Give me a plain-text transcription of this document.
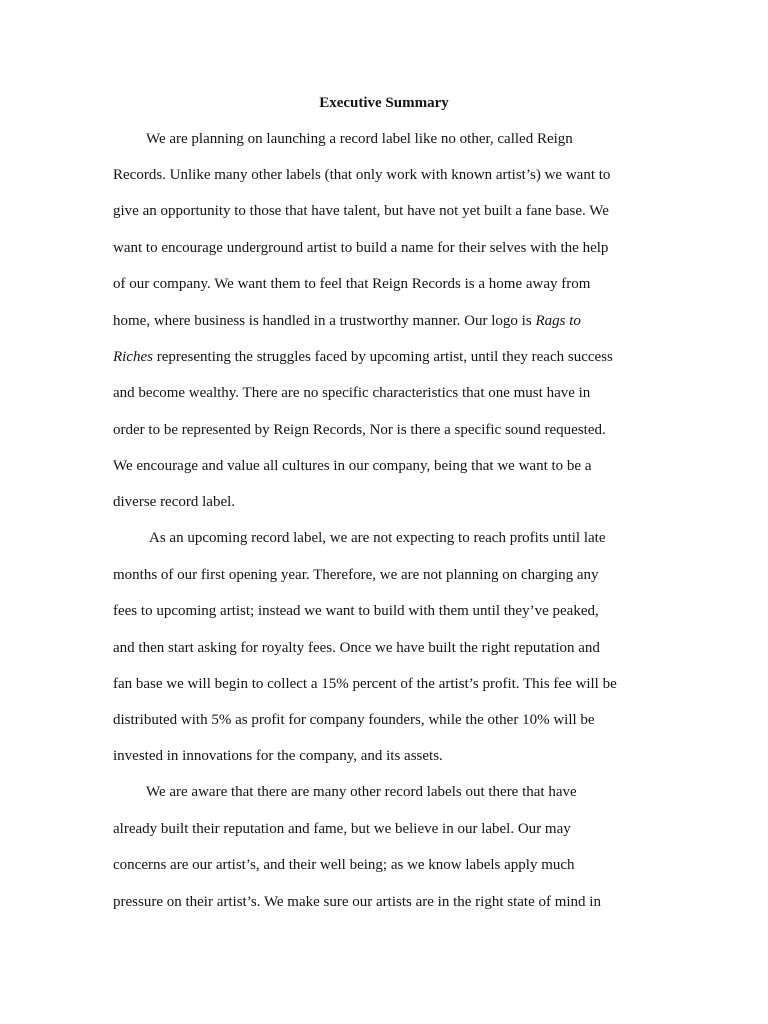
Executive Summary
We are planning on launching a record label like no other, called Reign
Records. Unlike many other labels (that only work with known artist’s) we want to
give an opportunity to those that have talent, but have not yet built a fane base. We
want to encourage underground artist to build a name for their selves with the help
of our company. We want them to feel that Reign Records is a home away from
home, where business is handled in a trustworthy manner. Our logo is Rags to
Riches representing the struggles faced by upcoming artist, until they reach success
and become wealthy. There are no specific characteristics that one must have in
order to be represented by Reign Records, Nor is there a specific sound requested.
We encourage and value all cultures in our company, being that we want to be a
diverse record label.
As an upcoming record label, we are not expecting to reach profits until late
months of our first opening year. Therefore, we are not planning on charging any
fees to upcoming artist; instead we want to build with them until they’ve peaked,
and then start asking for royalty fees. Once we have built the right reputation and
fan base we will begin to collect a 15% percent of the artist’s profit. This fee will be
distributed with 5% as profit for company founders, while the other 10% will be
invested in innovations for the company, and its assets.
We are aware that there are many other record labels out there that have
already built their reputation and fame, but we believe in our label. Our may
concerns are our artist’s, and their well being; as we know labels apply much
pressure on their artist’s. We make sure our artists are in the right state of mind in
